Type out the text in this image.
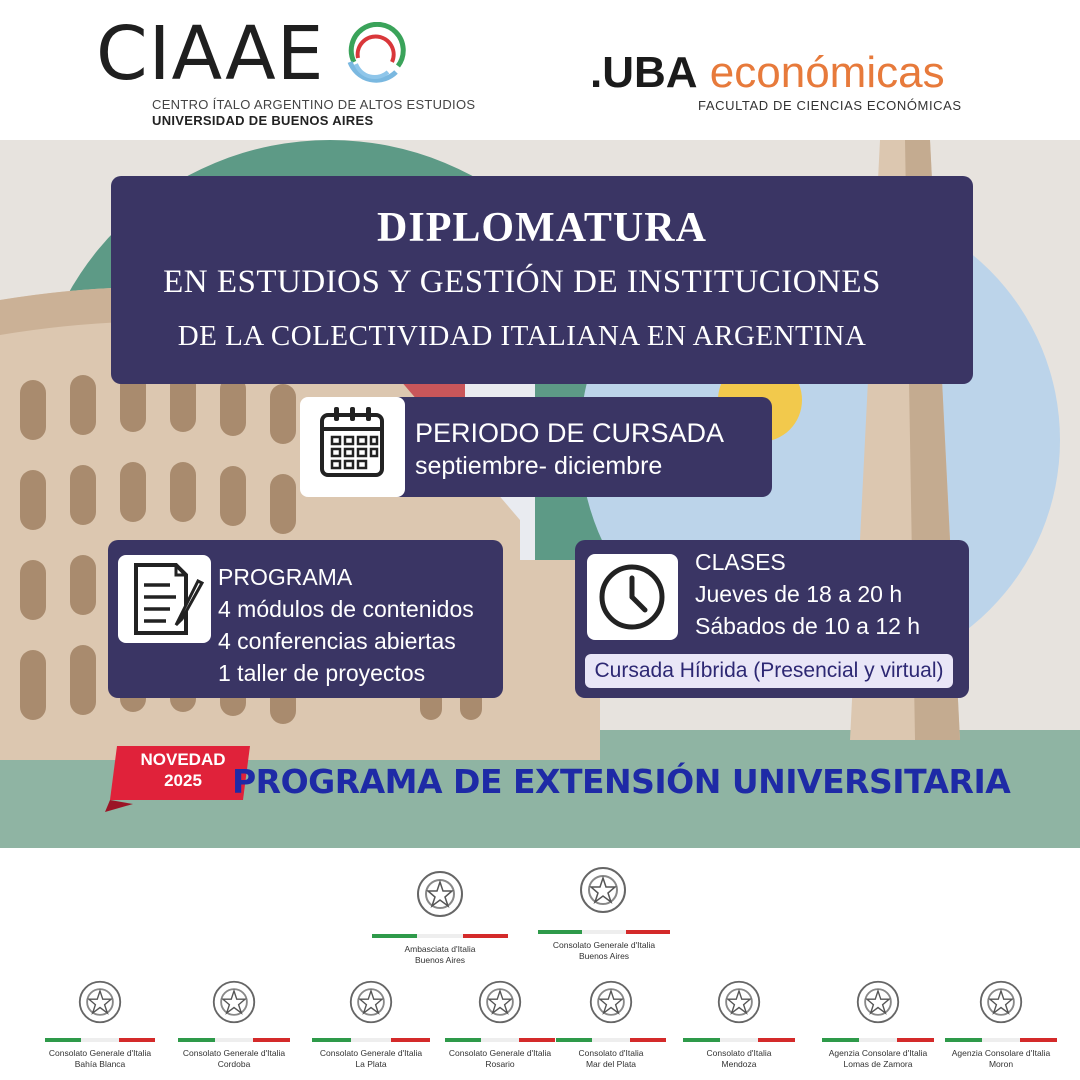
CIAAE
CENTRO ÍTALO ARGENTINO DE ALTOS ESTUDIOS
UNIVERSIDAD DE BUENOS AIRES
.UBA económicas
FACULTAD DE CIENCIAS ECONÓMICAS
DIPLOMATURA
EN ESTUDIOS Y GESTIÓN DE INSTITUCIONES
DE LA COLECTIVIDAD ITALIANA EN ARGENTINA
PERIODO DE CURSADA
septiembre- diciembre
PROGRAMA
4 módulos de contenidos
4 conferencias abiertas
1 taller de proyectos
CLASES
Jueves de 18 a 20 h
Sábados de 10 a 12 h
Cursada Híbrida (Presencial y virtual)
NOVEDAD
2025 PROGRAMA DE EXTENSIÓN UNIVERSITARIA
Ambasciata d'Italia
Buenos Aires
Consolato Generale d'Italia
Buenos Aires
Consolato Generale d'Italia
Bahía Blanca
Consolato Generale d'Italia
Cordoba
Consolato Generale d'Italia
La Plata
Consolato Generale d'Italia
Rosario
Consolato d'Italia
Mar del Plata
Consolato d'Italia
Mendoza
Agenzia Consolare d'Italia
Lomas de Zamora
Agenzia Consolare d'Italia
Moron
